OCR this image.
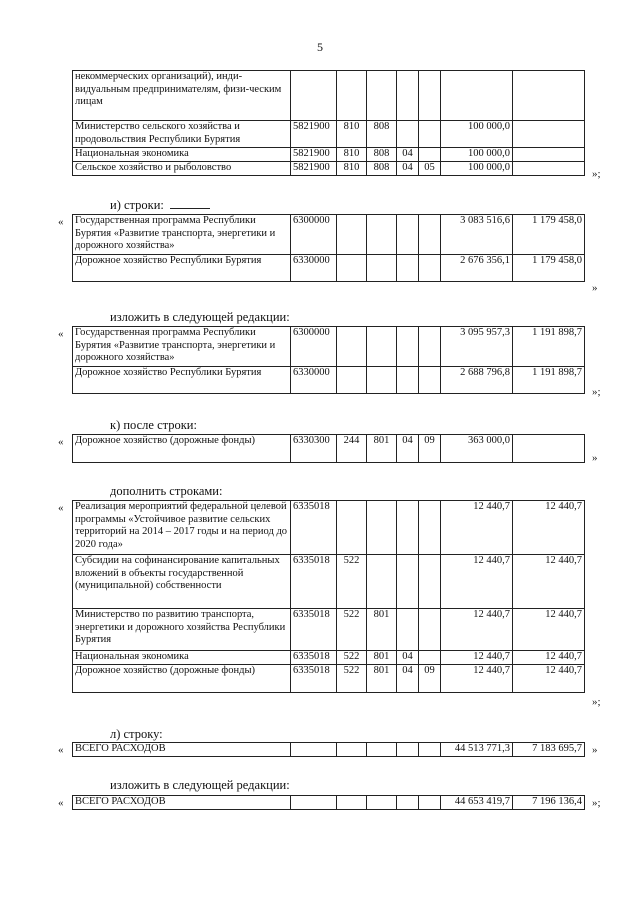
5
некоммерческих организаций), инди-видуальным предпринимателям, физи-ческим лицам							
Министерство сельского хозяйства и продовольствия Республики Бурятия	5821900	810	808			100 000,0	
Национальная экономика	5821900	810	808	04		100 000,0	
Сельское хозяйство и рыболовство	5821900	810	808	04	05	100 000,0	
»;
и) строки:
« Государственная программа Республики Бурятия «Развитие транспорта, энергетики и дорожного хозяйства»	6300000					3 083 516,6	1 179 458,0
Дорожное хозяйство Республики Бурятия	6330000					2 676 356,1	1 179 458,0
»
изложить в следующей редакции:
« Государственная программа Республики Бурятия «Развитие транспорта, энергетики и дорожного хозяйства»	6300000					3 095 957,3	1 191 898,7
Дорожное хозяйство Республики Бурятия	6330000					2 688 796,8	1 191 898,7
»;
к) после строки:
« Дорожное хозяйство (дорожные фонды)	6330300	244	801	04	09	363 000,0	
»
дополнить строками:
« Реализация мероприятий федеральной целевой программы «Устойчивое развитие сельских территорий на 2014 – 2017 годы и на период до 2020 года»	6335018					12 440,7	12 440,7
Субсидии на софинансирование капитальных вложений в объекты государственной (муниципальной) собственности	6335018	522				12 440,7	12 440,7
Министерство по развитию транспорта, энергетики и дорожного хозяйства Республики Бурятия	6335018	522	801			12 440,7	12 440,7
Национальная экономика	6335018	522	801	04		12 440,7	12 440,7
Дорожное хозяйство (дорожные фонды)	6335018	522	801	04	09	12 440,7	12 440,7
»;
л) строку:
« ВСЕГО РАСХОДОВ						44 513 771,3	7 183 695,7 »
изложить в следующей редакции:
« ВСЕГО РАСХОДОВ						44 653 419,7	7 196 136,4 »;
